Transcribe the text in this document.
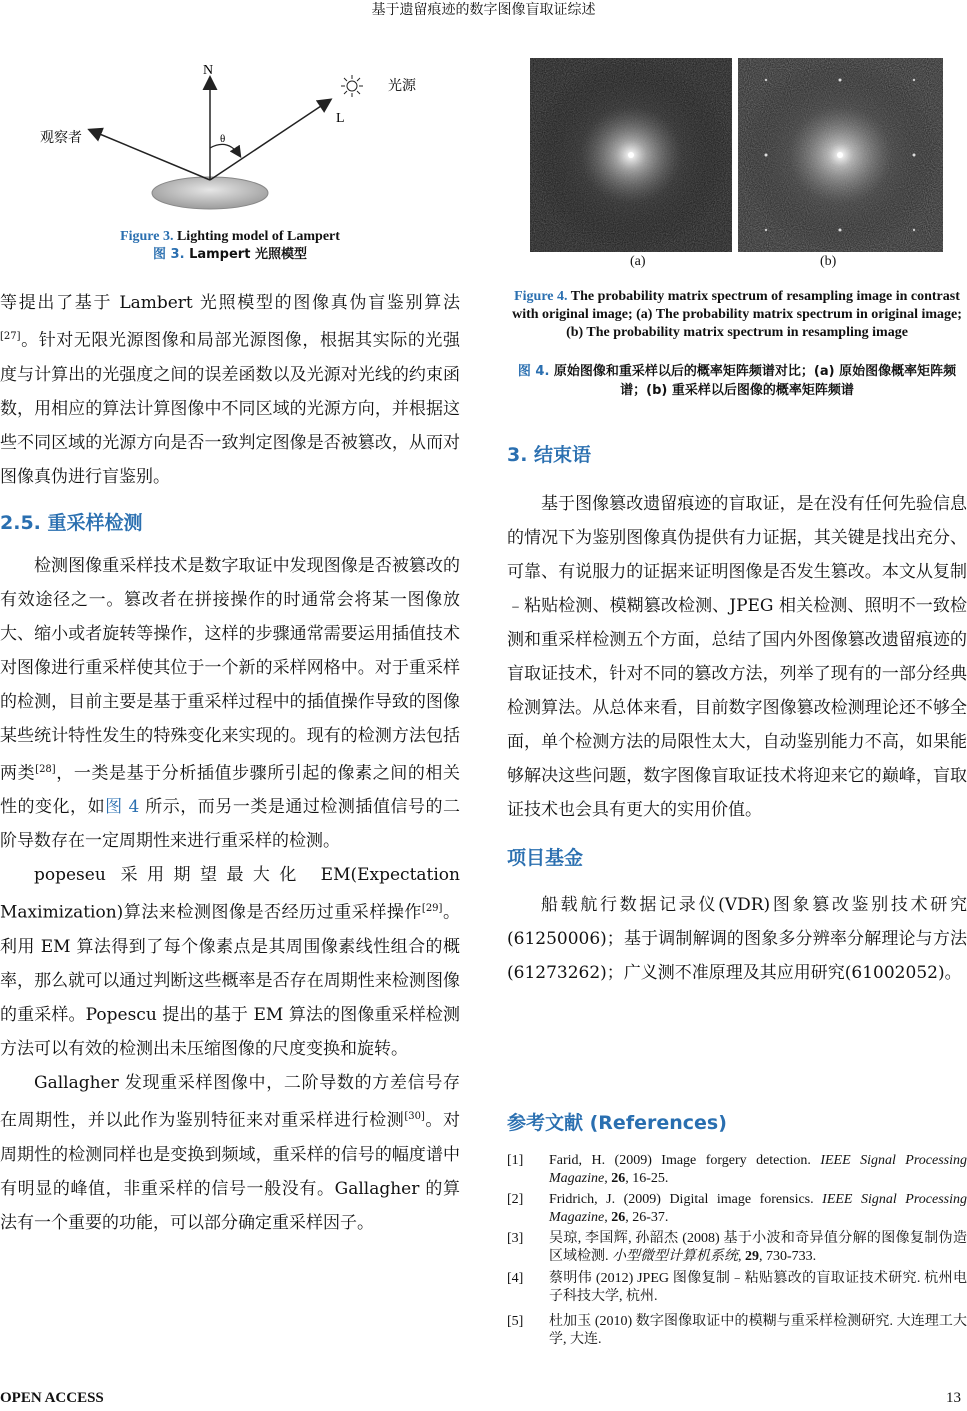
基于遗留痕迹的数字图像盲取证综述
N
光源
L
观察者	θ
Figure 3. Lighting model of Lampert
图 3. Lampert 光照模型

等提出了基于 Lambert 光照模型的图像真伪盲鉴别算法[27]。针对无限光源图像和局部光源图像，根据其实际的光强度与计算出的光强度之间的误差函数以及光源对光线的约束函数，用相应的算法计算图像中不同区域的光源方向，并根据这些不同区域的光源方向是否一致判定图像是否被篡改，从而对图像真伪进行盲鉴别。

2.5. 重采样检测

检测图像重采样技术是数字取证中发现图像是否被篡改的有效途径之一。篡改者在拼接操作的时通常会将某一图像放大、缩小或者旋转等操作，这样的步骤通常需要运用插值技术对图像进行重采样使其位于一个新的采样网格中。对于重采样的检测，目前主要是基于重采样过程中的插值操作导致的图像某些统计特性发生的特殊变化来实现的。现有的检测方法包括两类[28]，一类是基于分析插值步骤所引起的像素之间的相关性的变化，如图 4 所示，而另一类是通过检测插值信号的二阶导数存在一定周期性来进行重采样的检测。

popeseu 采用期望最大化 EM(Expectation Maximization)算法来检测图像是否经历过重采样操作[29]。利用 EM 算法得到了每个像素点是其周围像素线性组合的概率，那么就可以通过判断这些概率是否存在周期性来检测图像的重采样。Popescu 提出的基于 EM 算法的图像重采样检测方法可以有效的检测出未压缩图像的尺度变换和旋转。

Gallagher 发现重采样图像中，二阶导数的方差信号存在周期性，并以此作为鉴别特征来对重采样进行检测[30]。对周期性的检测同样也是变换到频域，重采样的信号的幅度谱中有明显的峰值，非重采样的信号一般没有。Gallagher 的算法有一个重要的功能，可以部分确定重采样因子。

(a)	(b)
Figure 4. The probability matrix spectrum of resampling image in contrast with original image; (a) The probability matrix spectrum in original image; (b) The probability matrix spectrum in resampling image
图 4. 原始图像和重采样以后的概率矩阵频谱对比；(a) 原始图像概率矩阵频谱；(b) 重采样以后图像的概率矩阵频谱

3. 结束语

基于图像篡改遗留痕迹的盲取证，是在没有任何先验信息的情况下为鉴别图像真伪提供有力证据，其关键是找出充分、可靠、有说服力的证据来证明图像是否发生篡改。本文从复制﹣粘贴检测、模糊篡改检测、JPEG 相关检测、照明不一致检测和重采样检测五个方面，总结了国内外图像篡改遗留痕迹的盲取证技术，针对不同的篡改方法，列举了现有的一部分经典检测算法。从总体来看，目前数字图像篡改检测理论还不够全面，单个检测方法的局限性太大，自动鉴别能力不高，如果能够解决这些问题，数字图像盲取证技术将迎来它的巅峰，盲取证技术也会具有更大的实用价值。

项目基金

船载航行数据记录仪(VDR)图象篡改鉴别技术研究(61250006)；基于调制解调的图象多分辨率分解理论与方法(61273262)；广义测不准原理及其应用研究(61002052)。

参考文献 (References)

[1] Farid, H. (2009) Image forgery detection. IEEE Signal Processing Magazine, 26, 16-25.
[2] Fridrich, J. (2009) Digital image forensics. IEEE Signal Processing Magazine, 26, 26-37.
[3] 吴琼, 李国辉, 孙韶杰 (2008) 基于小波和奇异值分解的图像复制伪造区域检测. 小型微型计算机系统, 29, 730-733.
[4] 蔡明伟 (2012) JPEG 图像复制﹣粘贴篡改的盲取证技术研究. 杭州电子科技大学, 杭州.
[5] 杜加玉 (2010) 数字图像取证中的模糊与重采样检测研究. 大连理工大学, 大连.
OPEN ACCESS	13
